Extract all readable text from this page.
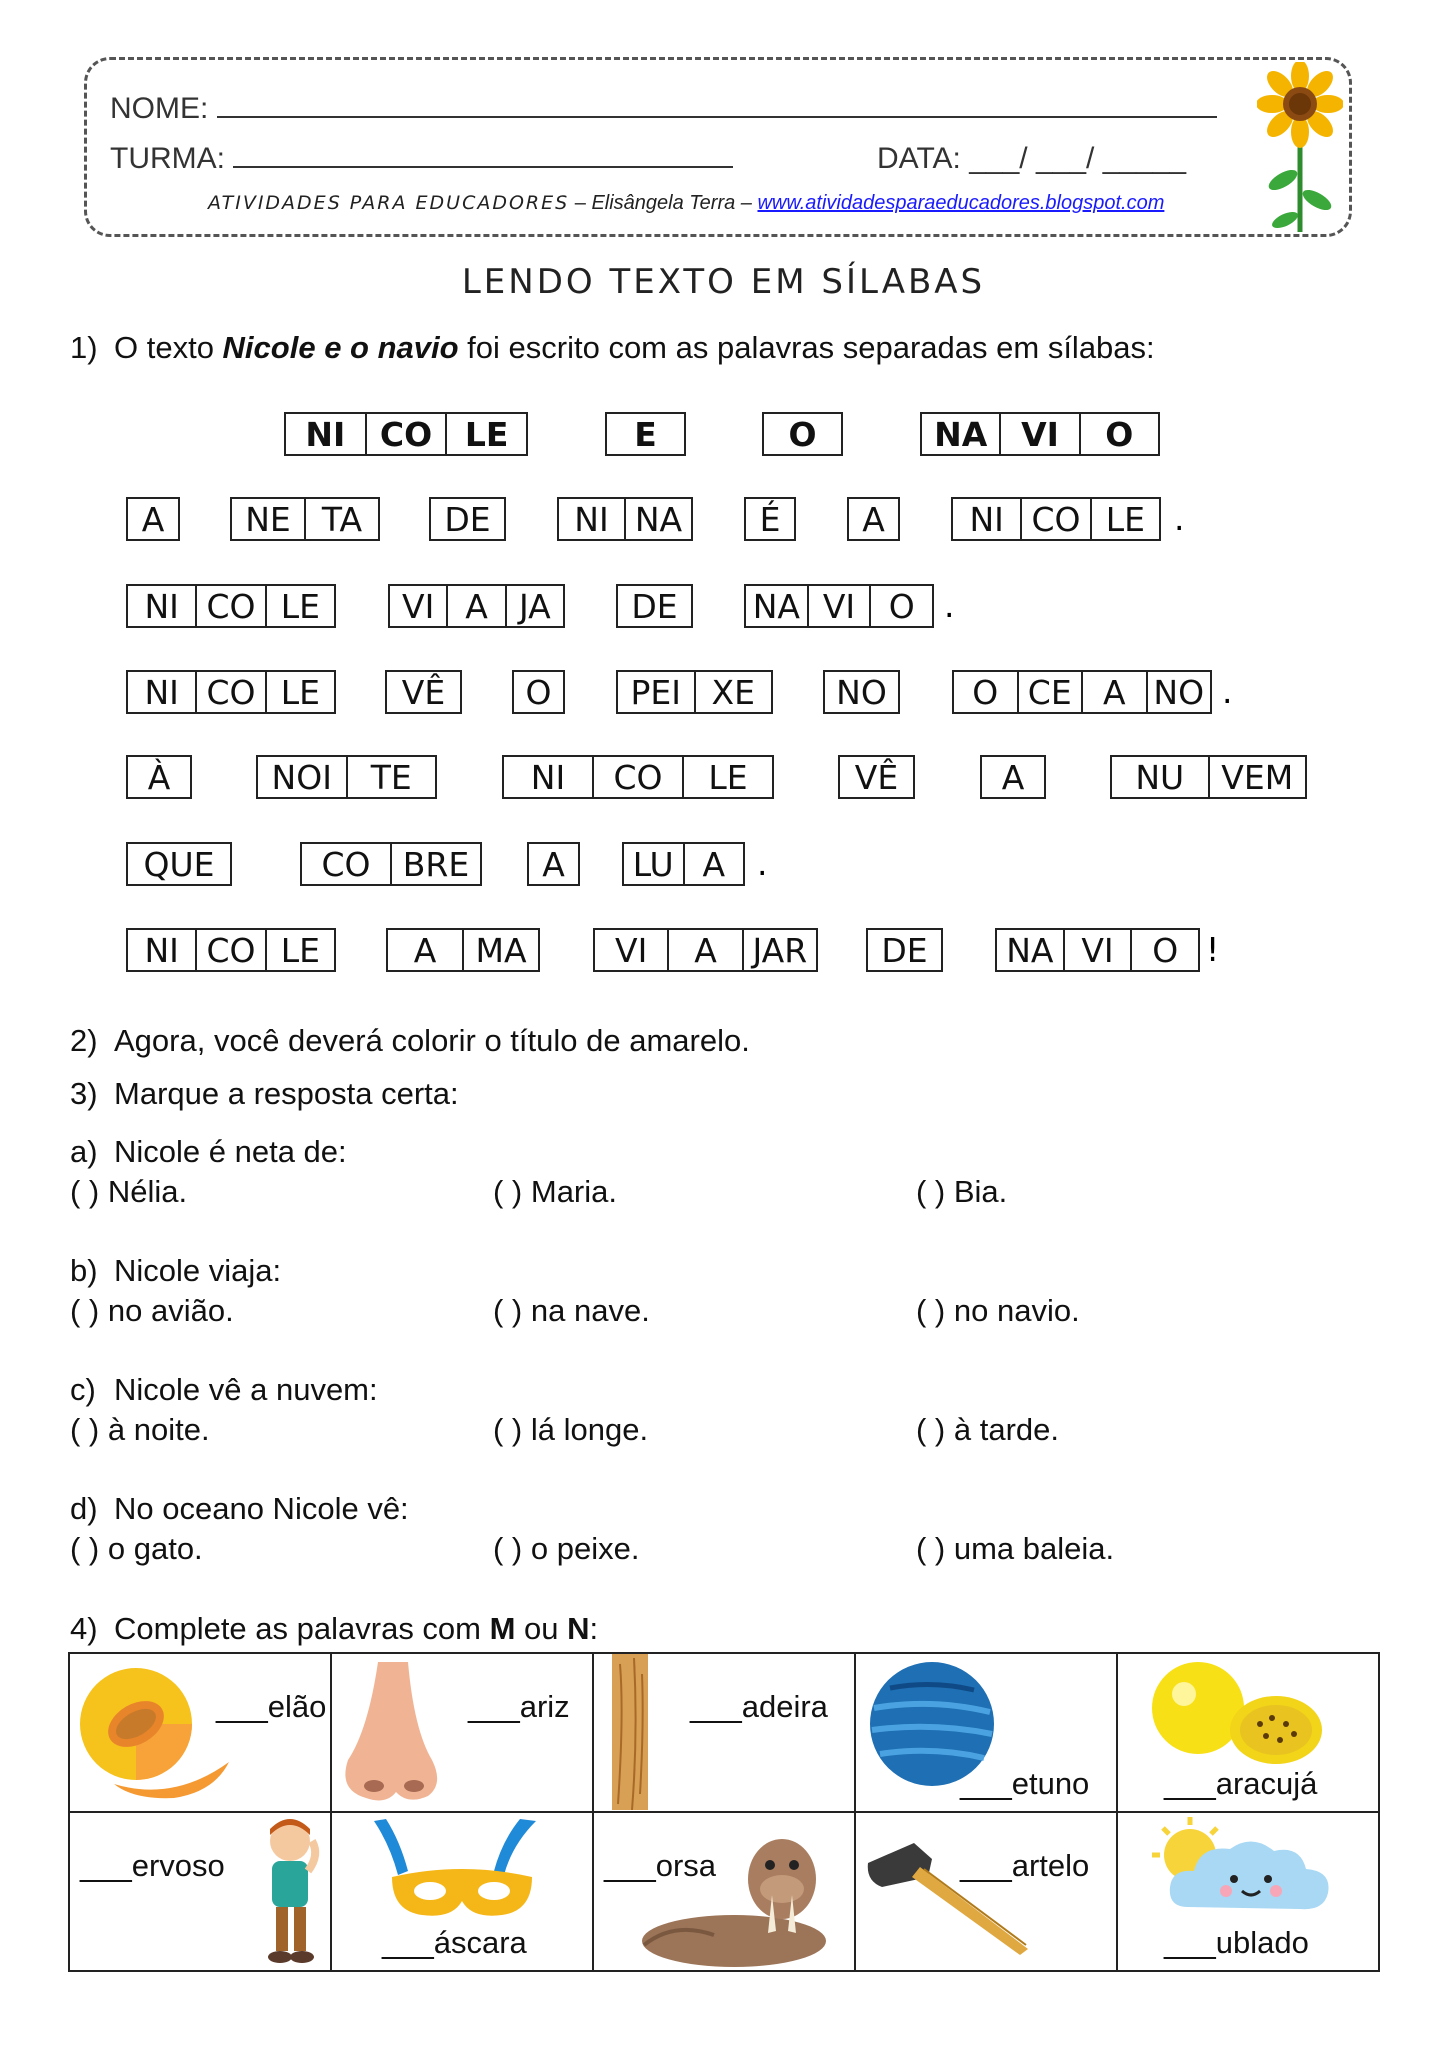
NOME:
TURMA:	DATA: ___/ ___/ _____
ATIVIDADES PARA EDUCADORES – Elisângela Terra – www.atividadesparaeducadores.blogspot.com
LENDO TEXTO EM SÍLABAS
1) O texto Nicole e o navio foi escrito com as palavras separadas em sílabas:
NI	CO LE	E	O	NA	VI	O
A	NE TA	DE	NI NA	É	A	NI CO LE .
NI CO LE	VI A JA	DE	NA VI	O .
NI CO LE	VÊ	O	PEI XE	NO	O CE A NO .
À	NOI	TE	NI	CO	LE	VÊ	A	NU	VEM
QUE	CO BRE	A	LU A .
NI CO LE	A	MA	VI	A	JAR	DE	NA VI	O !
2) Agora, você deverá colorir o título de amarelo.
3) Marque a resposta certa:
a) Nicole é neta de:
( ) Nélia.	( ) Maria.	( ) Bia.
b) Nicole viaja:
( ) no avião.	( ) na nave.	( ) no navio.
c) Nicole vê a nuvem:
( ) à noite.	( ) lá longe.	( ) à tarde.
d) No oceano Nicole vê:
( ) o gato.	( ) o peixe.	( ) uma baleia.
4) Complete as palavras com M ou N:
___elão	___ariz	___adeira	___etuno	___aracujá

___ervoso	___áscara	___orsa	___artelo	___ublado
